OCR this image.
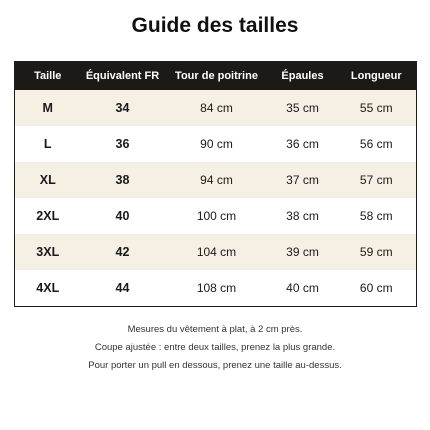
Guide des tailles
Taille	Équivalent FR	Tour de poitrine	Épaules	Longueur
M	34	84 cm	35 cm	55 cm
L	36	90 cm	36 cm	56 cm
XL	38	94 cm	37 cm	57 cm
2XL	40	100 cm	38 cm	58 cm
3XL	42	104 cm	39 cm	59 cm
4XL	44	108 cm	40 cm	60 cm

Mesures du vêtement à plat, à 2 cm près.

Coupe ajustée : entre deux tailles, prenez la plus grande.

Pour porter un pull en dessous, prenez une taille au-dessus.
